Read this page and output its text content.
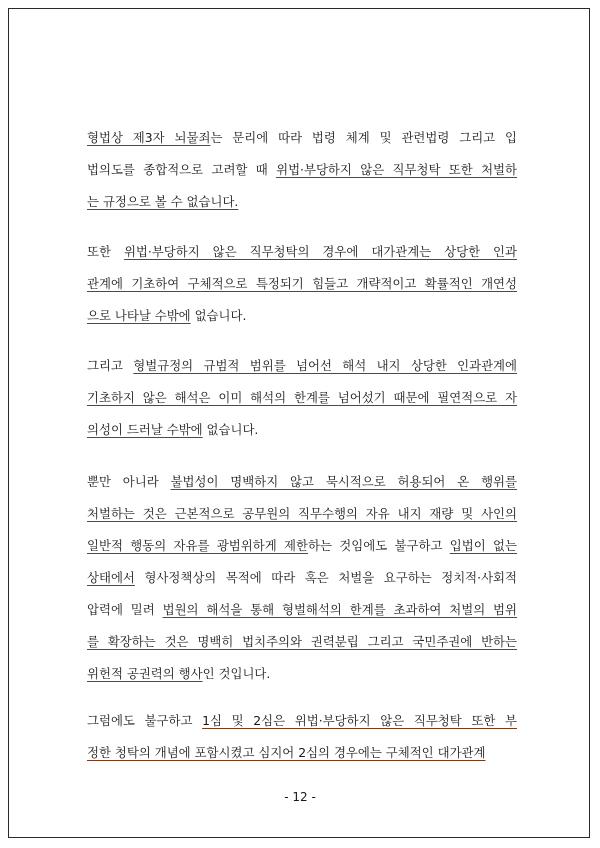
형법상 제3자 뇌물죄는 문리에 따라 법령 체계 및 관련법령 그리고 입
법의도를 종합적으로 고려할 때 위법·부당하지 않은 직무청탁 또한 처벌하
는 규정으로 볼 수 없습니다.
또한 위법·부당하지 않은 직무청탁의 경우에 대가관계는 상당한 인과
관계에 기초하여 구체적으로 특정되기 힘들고 개략적이고 확률적인 개연성
으로 나타날 수밖에 없습니다.
그리고 형벌규정의 규범적 범위를 넘어선 해석 내지 상당한 인과관계에
기초하지 않은 해석은 이미 해석의 한계를 넘어섰기 때문에 필연적으로 자
의성이 드러날 수밖에 없습니다.
뿐만 아니라 불법성이 명백하지 않고 묵시적으로 허용되어 온 행위를
처벌하는 것은 근본적으로 공무원의 직무수행의 자유 내지 재량 및 사인의
일반적 행동의 자유를 광범위하게 제한하는 것임에도 불구하고 입법이 없는
상태에서 형사정책상의 목적에 따라 혹은 처벌을 요구하는 정치적·사회적
압력에 밀려 법원의 해석을 통해 형벌해석의 한계를 초과하여 처벌의 범위
를 확장하는 것은 명백히 법치주의와 권력분립 그리고 국민주권에 반하는
위헌적 공권력의 행사인 것입니다.
그럼에도 불구하고 1심 및 2심은 위법·부당하지 않은 직무청탁 또한 부
정한 청탁의 개념에 포함시켰고 심지어 2심의 경우에는 구체적인 대가관계
- 12 -
